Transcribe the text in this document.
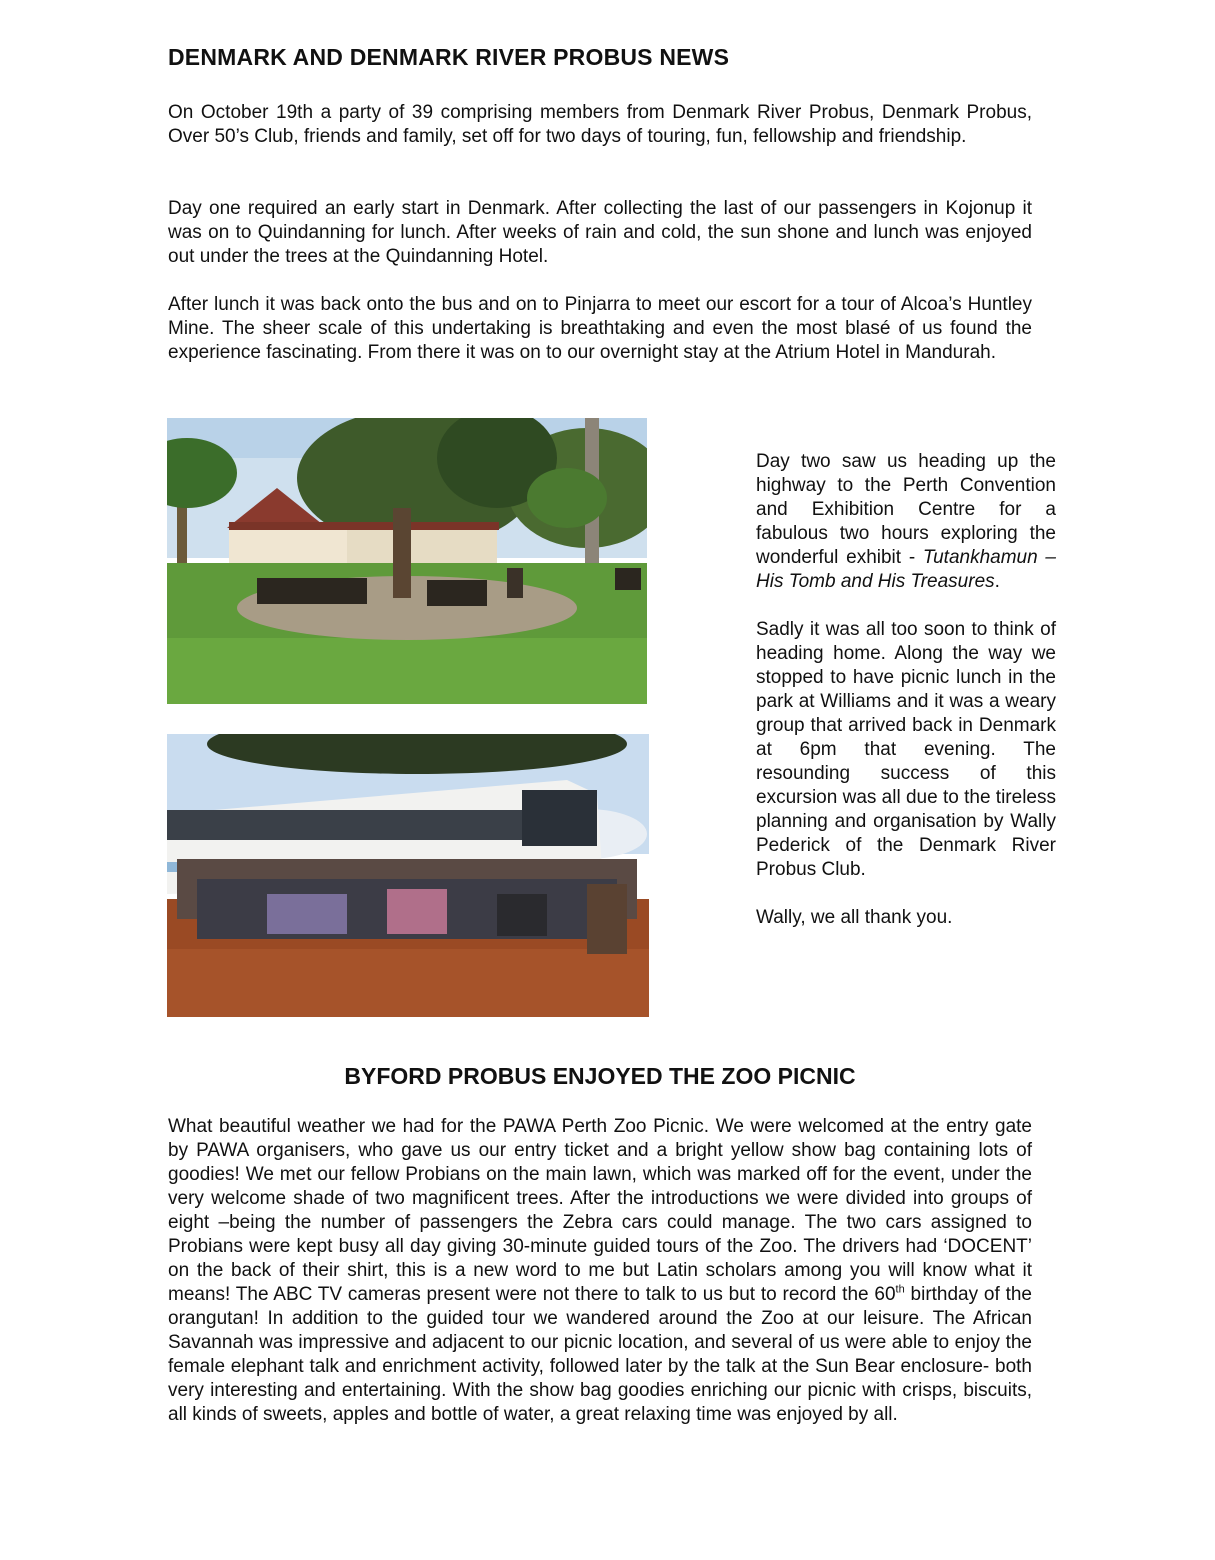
DENMARK AND DENMARK RIVER PROBUS NEWS

On October 19th a party of 39 comprising members from Denmark River Probus, Denmark Probus, Over 50’s Club, friends and family, set off for two days of touring, fun, fellowship and friendship.

Day one required an early start in Denmark. After collecting the last of our passengers in Kojonup it was on to Quindanning for lunch. After weeks of rain and cold, the sun shone and lunch was enjoyed out under the trees at the Quindanning Hotel.

After lunch it was back onto the bus and on to Pinjarra to meet our escort for a tour of Alcoa’s Huntley Mine. The sheer scale of this undertaking is breathtaking and even the most blasé of us found the experience fascinating. From there it was on to our overnight stay at the Atrium Hotel in Mandurah.

Day two saw us heading up the highway to the Perth Convention and Exhibition Centre for a fabulous two hours exploring the wonderful exhibit - Tutankhamun – His Tomb and His Treasures.

Sadly it was all too soon to think of heading home. Along the way we stopped to have picnic lunch in the park at Williams and it was a weary group that arrived back in Denmark at 6pm that evening. The resounding success of this excursion was all due to the tireless planning and organisation by Wally Pederick of the Denmark River Probus Club.

Wally, we all thank you.

BYFORD PROBUS ENJOYED THE ZOO PICNIC

What beautiful weather we had for the PAWA Perth Zoo Picnic. We were welcomed at the entry gate by PAWA organisers, who gave us our entry ticket and a bright yellow show bag containing lots of goodies! We met our fellow Probians on the main lawn, which was marked off for the event, under the very welcome shade of two magnificent trees. After the introductions we were divided into groups of eight –being the number of passengers the Zebra cars could manage. The two cars assigned to Probians were kept busy all day giving 30-minute guided tours of the Zoo. The drivers had ‘DOCENT’ on the back of their shirt, this is a new word to me but Latin scholars among you will know what it means! The ABC TV cameras present were not there to talk to us but to record the 60th birthday of the orangutan! In addition to the guided tour we wandered around the Zoo at our leisure. The African Savannah was impressive and adjacent to our picnic location, and several of us were able to enjoy the female elephant talk and enrichment activity, followed later by the talk at the Sun Bear enclosure- both very interesting and entertaining. With the show bag goodies enriching our picnic with crisps, biscuits, all kinds of sweets, apples and bottle of water, a great relaxing time was enjoyed by all.
